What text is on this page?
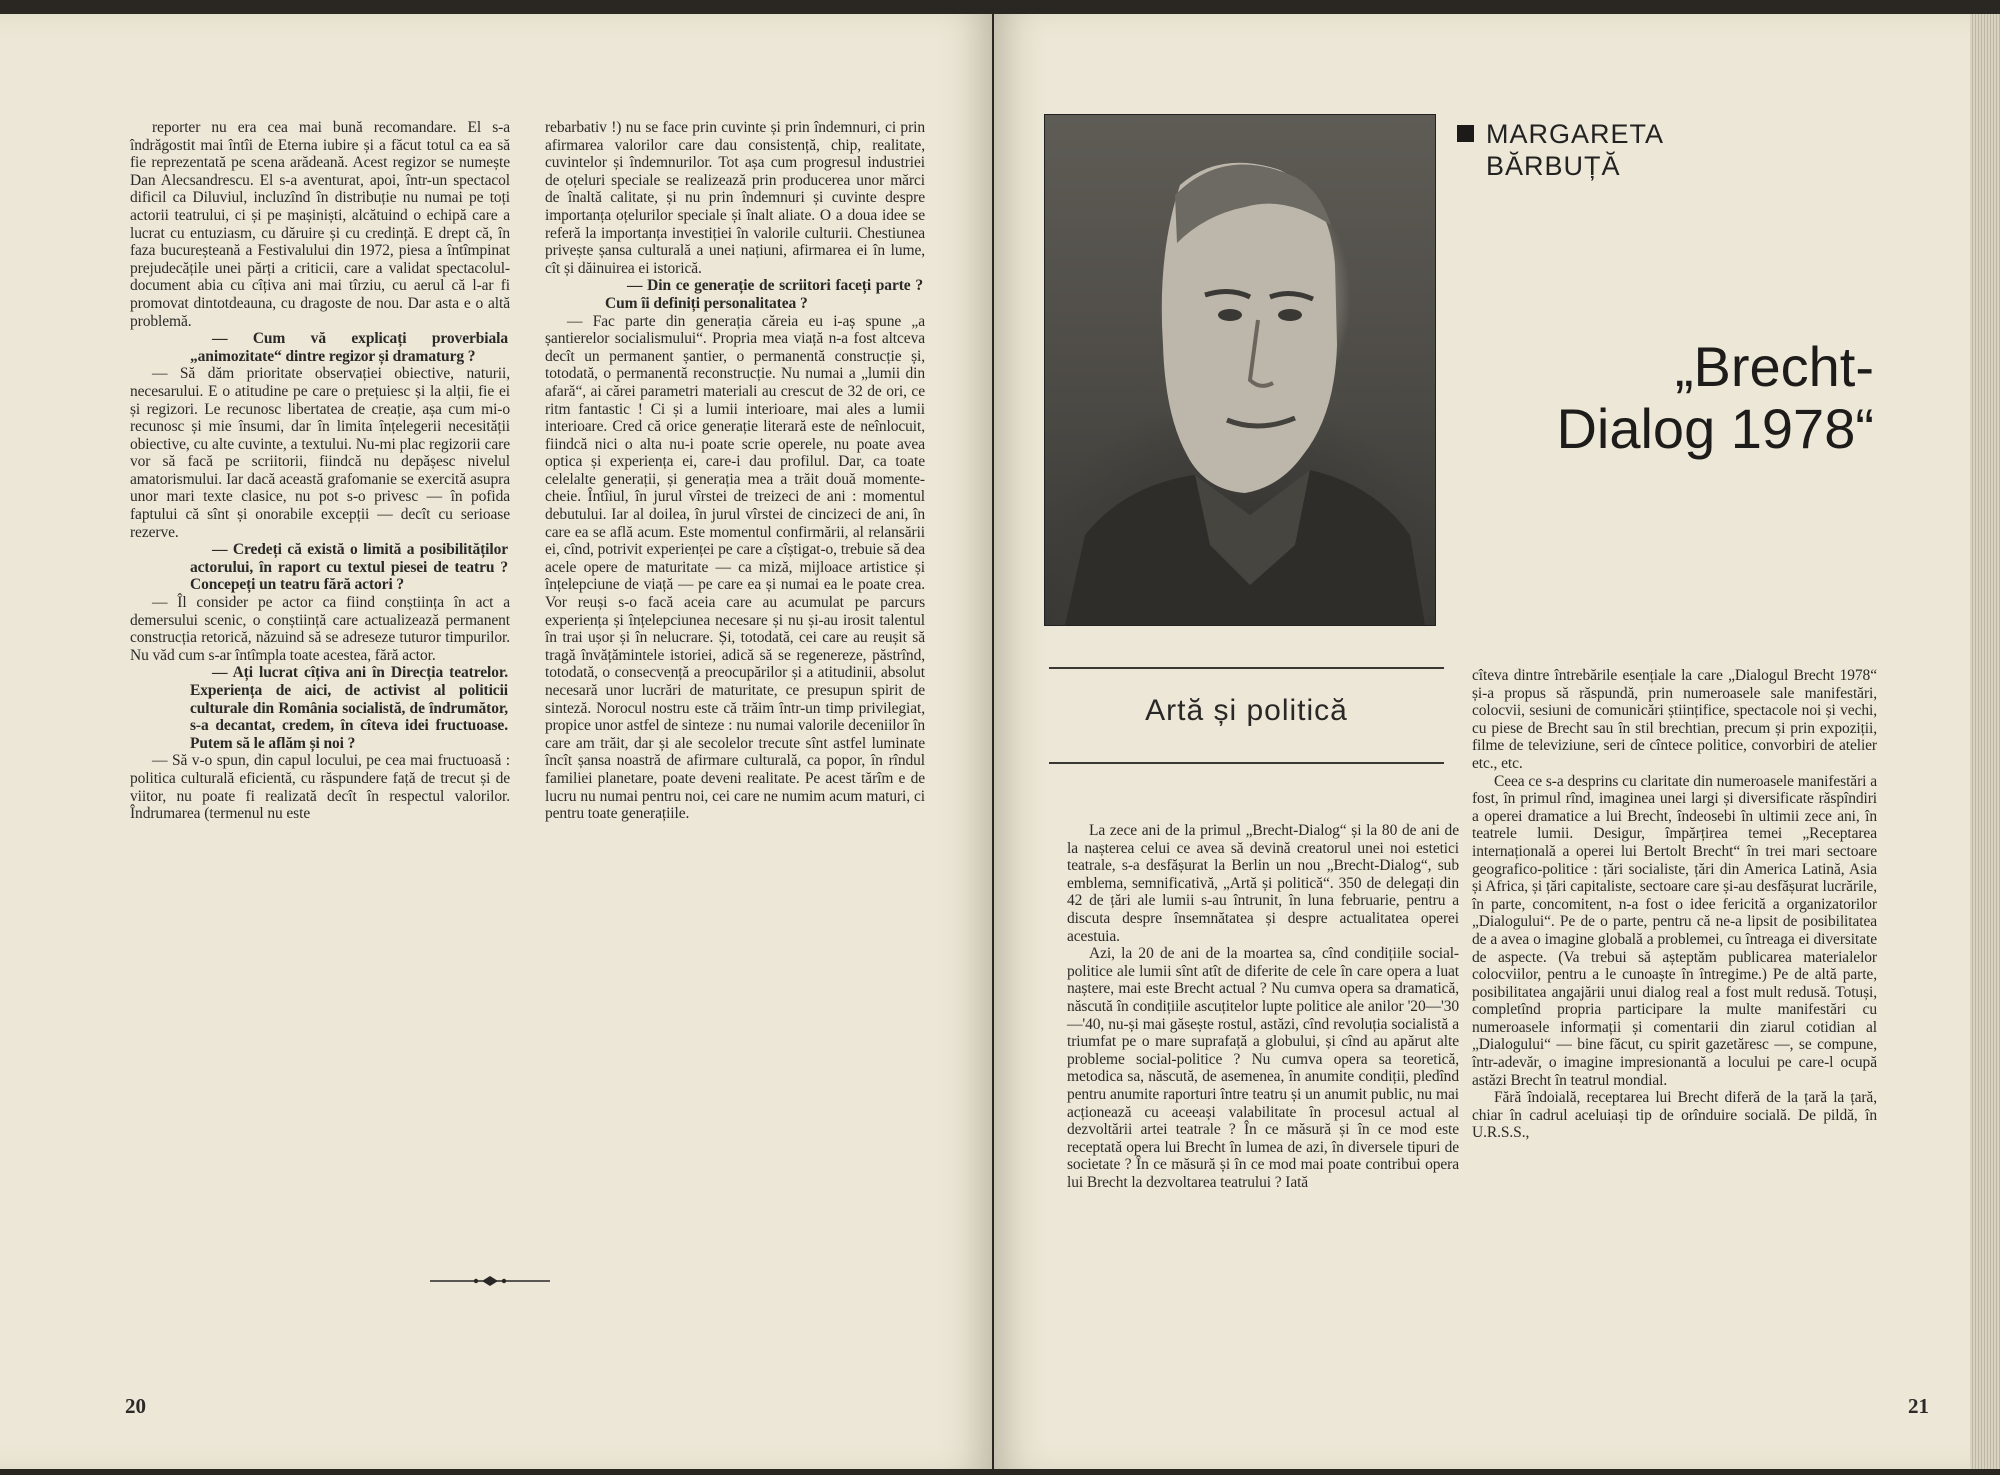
reporter nu era cea mai bună recomandare. El s-a îndrăgostit mai întîi de Eterna iubire și a făcut totul ca ea să fie reprezentată pe scena arădeană. Acest regizor se numește Dan Alecsandrescu. El s-a aventurat, apoi, într-un spectacol dificil ca Diluviul, incluzînd în distribuție nu numai pe toți actorii teatrului, ci și pe mașiniști, alcătuind o echipă care a lucrat cu entuziasm, cu dăruire și cu credință. E drept că, în faza bucureșteană a Festivalului din 1972, piesa a întîmpinat prejudecățile unei părți a criticii, care a validat spectacolul-document abia cu cîțiva ani mai tîrziu, cu aerul că l-ar fi promovat dintotdeauna, cu dragoste de nou. Dar asta e o altă problemă.

— Cum vă explicați proverbiala „animozitate“ dintre regizor și dramaturg ?

— Să dăm prioritate observației obiective, naturii, necesarului. E o atitudine pe care o prețuiesc și la alții, fie ei și regizori. Le recunosc libertatea de creație, așa cum mi-o recunosc și mie însumi, dar în limita înțelegerii necesității obiective, cu alte cuvinte, a textului. Nu-mi plac regizorii care vor să facă pe scriitorii, fiindcă nu depășesc nivelul amatorismului. Iar dacă această grafomanie se exercită asupra unor mari texte clasice, nu pot s-o privesc — în pofida faptului că sînt și onorabile excepții — decît cu serioase rezerve.

— Credeți că există o limită a posibilităților actorului, în raport cu textul piesei de teatru ? Concepeți un teatru fără actori ?

— Îl consider pe actor ca fiind conștiința în act a demersului scenic, o conștiință care actualizează permanent construcția retorică, năzuind să se adreseze tuturor timpurilor. Nu văd cum s-ar întîmpla toate acestea, fără actor.

— Ați lucrat cîțiva ani în Direcția teatrelor. Experiența de aici, de activist al politicii culturale din România socialistă, de îndrumător, s-a decantat, credem, în cîteva idei fructuoase. Putem să le aflăm și noi ?

— Să v-o spun, din capul locului, pe cea mai fructuoasă : politica culturală eficientă, cu răspundere față de trecut și de viitor, nu poate fi realizată decît în respectul valorilor. Îndrumarea (termenul nu este

rebarbativ !) nu se face prin cuvinte și prin îndemnuri, ci prin afirmarea valorilor care dau consistență, chip, realitate, cuvintelor și îndemnurilor. Tot așa cum progresul industriei de oțeluri speciale se realizează prin producerea unor mărci de înaltă calitate, și nu prin îndemnuri și cuvinte despre importanța oțelurilor speciale și înalt aliate. O a doua idee se referă la importanța investiției în valorile culturii. Chestiunea privește șansa culturală a unei națiuni, afirmarea ei în lume, cît și dăinuirea ei istorică.

— Din ce generație de scriitori faceți parte ? Cum îi definiți personalitatea ?

— Fac parte din generația căreia eu i-aș spune „a șantierelor socialismului“. Propria mea viață n-a fost altceva decît un permanent șantier, o permanentă construcție și, totodată, o permanentă reconstrucție. Nu numai a „lumii din afară“, ai cărei parametri materiali au crescut de 32 de ori, ce ritm fantastic ! Ci și a lumii interioare, mai ales a lumii interioare. Cred că orice generație literară este de neînlocuit, fiindcă nici o alta nu-i poate scrie operele, nu poate avea optica și experiența ei, care-i dau profilul. Dar, ca toate celelalte generații, și generația mea a trăit două momente-cheie. Întîiul, în jurul vîrstei de treizeci de ani : momentul debutului. Iar al doilea, în jurul vîrstei de cincizeci de ani, în care ea se află acum. Este momentul confirmării, al relansării ei, cînd, potrivit experienței pe care a cîștigat-o, trebuie să dea acele opere de maturitate — ca miză, mijloace artistice și înțelepciune de viață — pe care ea și numai ea le poate crea. Vor reuși s-o facă aceia care au acumulat pe parcurs experiența și înțelepciunea necesare și nu și-au irosit talentul în trai ușor și în nelucrare. Și, totodată, cei care au reușit să tragă învățămintele istoriei, adică să se regenereze, păstrînd, totodată, o consecvență a preocupărilor și a atitudinii, absolut necesară unor lucrări de maturitate, ce presupun spirit de sinteză. Norocul nostru este că trăim într-un timp privilegiat, propice unor astfel de sinteze : nu numai valorile deceniilor în care am trăit, dar și ale secolelor trecute sînt astfel luminate încît șansa noastră de afirmare culturală, ca popor, în rîndul familiei planetare, poate deveni realitate. Pe acest tărîm e de lucru nu numai pentru noi, cei care ne numim acum maturi, ci pentru toate generațiile.

20
MARGARETA
BĂRBUȚĂ
„Brecht-
Dialog 1978“
Artă și politică

La zece ani de la primul „Brecht-Dialog“ și la 80 de ani de la nașterea celui ce avea să devină creatorul unei noi estetici teatrale, s-a desfășurat la Berlin un nou „Brecht-Dialog“, sub emblema, semnificativă, „Artă și politică“. 350 de delegați din 42 de țări ale lumii s-au întrunit, în luna februarie, pentru a discuta despre însemnătatea și despre actualitatea operei acestuia.

Azi, la 20 de ani de la moartea sa, cînd condițiile social-politice ale lumii sînt atît de diferite de cele în care opera a luat naștere, mai este Brecht actual ? Nu cumva opera sa dramatică, născută în condițiile ascuțitelor lupte politice ale anilor '20—'30—'40, nu-și mai găsește rostul, astăzi, cînd revoluția socialistă a triumfat pe o mare suprafață a globului, și cînd au apărut alte probleme social-politice ? Nu cumva opera sa teoretică, metodica sa, născută, de asemenea, în anumite condiții, pledînd pentru anumite raporturi între teatru și un anumit public, nu mai acționează cu aceeași valabilitate în procesul actual al dezvoltării artei teatrale ? În ce măsură și în ce mod este receptată opera lui Brecht în lumea de azi, în diversele tipuri de societate ? În ce măsură și în ce mod mai poate contribui opera lui Brecht la dezvoltarea teatrului ? Iată

cîteva dintre întrebările esențiale la care „Dialogul Brecht 1978“ și-a propus să răspundă, prin numeroasele sale manifestări, colocvii, sesiuni de comunicări științifice, spectacole noi și vechi, cu piese de Brecht sau în stil brechtian, precum și prin expoziții, filme de televiziune, seri de cîntece politice, convorbiri de atelier etc., etc.

Ceea ce s-a desprins cu claritate din numeroasele manifestări a fost, în primul rînd, imaginea unei largi și diversificate răspîndiri a operei dramatice a lui Brecht, îndeosebi în ultimii zece ani, în teatrele lumii. Desigur, împărțirea temei „Receptarea internațională a operei lui Bertolt Brecht“ în trei mari sectoare geografico-politice : țări socialiste, țări din America Latină, Asia și Africa, și țări capitaliste, sectoare care și-au desfășurat lucrările, în parte, concomitent, n-a fost o idee fericită a organizatorilor „Dialogului“. Pe de o parte, pentru că ne-a lipsit de posibilitatea de a avea o imagine globală a problemei, cu întreaga ei diversitate de aspecte. (Va trebui să așteptăm publicarea materialelor colocviilor, pentru a le cunoaște în întregime.) Pe de altă parte, posibilitatea angajării unui dialog real a fost mult redusă. Totuși, completînd propria participare la multe manifestări cu numeroasele informații și comentarii din ziarul cotidian al „Dialogului“ — bine făcut, cu spirit gazetăresc —, se compune, într-adevăr, o imagine impresionantă a locului pe care-l ocupă astăzi Brecht în teatrul mondial.

Fără îndoială, receptarea lui Brecht diferă de la țară la țară, chiar în cadrul aceluiași tip de orînduire socială. De pildă, în U.R.S.S.,

21
